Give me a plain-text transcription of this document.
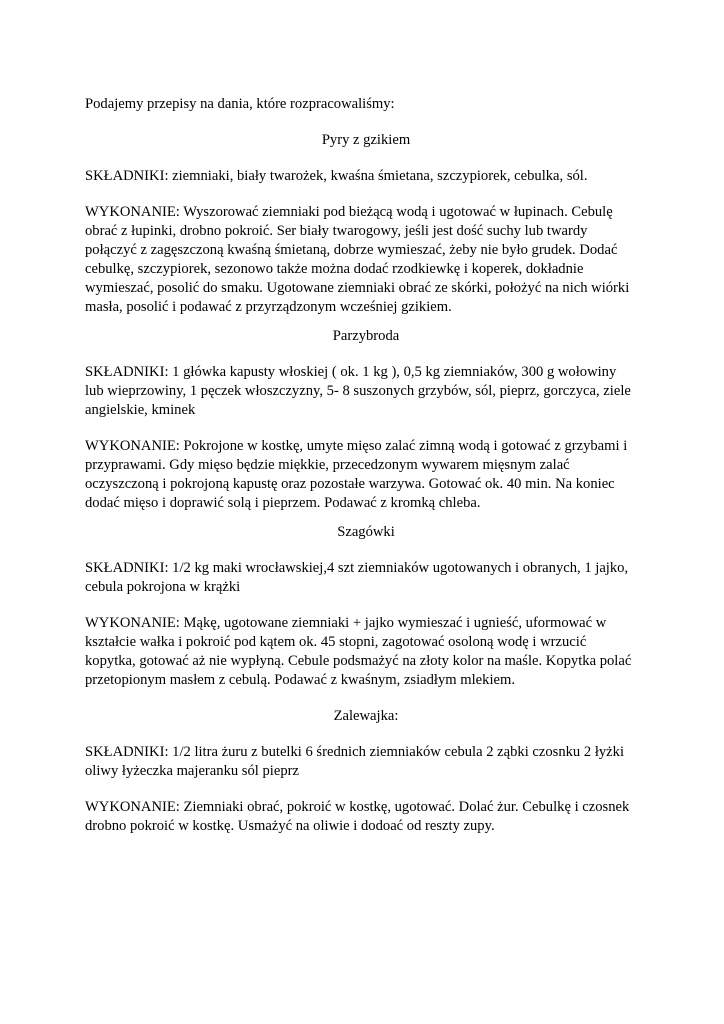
Podajemy przepisy na dania, które rozpracowaliśmy:

Pyry z gzikiem

SKŁADNIKI: ziemniaki, biały twarożek, kwaśna śmietana, szczypiorek, cebulka, sól.

WYKONANIE: Wyszorować ziemniaki pod bieżącą wodą i ugotować w łupinach. Cebulę
obrać z łupinki, drobno pokroić. Ser biały twarogowy, jeśli jest dość suchy lub twardy
połączyć z zagęszczoną kwaśną śmietaną, dobrze wymieszać, żeby nie było grudek. Dodać
cebulkę, szczypiorek, sezonowo także można dodać rzodkiewkę i koperek, dokładnie
wymieszać, posolić do smaku. Ugotowane ziemniaki obrać ze skórki, położyć na nich wiórki
masła, posolić i podawać z przyrządzonym wcześniej gzikiem.

Parzybroda

SKŁADNIKI: 1 główka kapusty włoskiej ( ok. 1 kg ), 0,5 kg ziemniaków, 300 g wołowiny
lub wieprzowiny, 1 pęczek włoszczyzny, 5- 8 suszonych grzybów, sól, pieprz, gorczyca, ziele
angielskie, kminek

WYKONANIE: Pokrojone w kostkę, umyte mięso zalać zimną wodą i gotować z grzybami i
przyprawami. Gdy mięso będzie miękkie, przecedzonym wywarem mięsnym zalać
oczyszczoną i pokrojoną kapustę oraz pozostałe warzywa. Gotować ok. 40 min. Na koniec
dodać mięso i doprawić solą i pieprzem. Podawać z kromką chleba.

Szagówki

SKŁADNIKI: 1/2 kg maki wrocławskiej,4 szt ziemniaków ugotowanych i obranych, 1 jajko,
cebula pokrojona w krążki

WYKONANIE: Mąkę, ugotowane ziemniaki + jajko wymieszać i ugnieść, uformować w
kształcie wałka i pokroić pod kątem ok. 45 stopni, zagotować osoloną wodę i wrzucić
kopytka, gotować aż nie wypłyną. Cebule podsmażyć na złoty kolor na maśle. Kopytka polać
przetopionym masłem z cebulą. Podawać z kwaśnym, zsiadłym mlekiem.

Zalewajka:

SKŁADNIKI: 1/2 litra żuru z butelki 6 średnich ziemniaków cebula 2 ząbki czosnku 2 łyżki
oliwy łyżeczka majeranku sól pieprz

WYKONANIE: Ziemniaki obrać, pokroić w kostkę, ugotować. Dolać żur. Cebulkę i czosnek
drobno pokroić w kostkę. Usmażyć na oliwie i dodoać od reszty zupy.
